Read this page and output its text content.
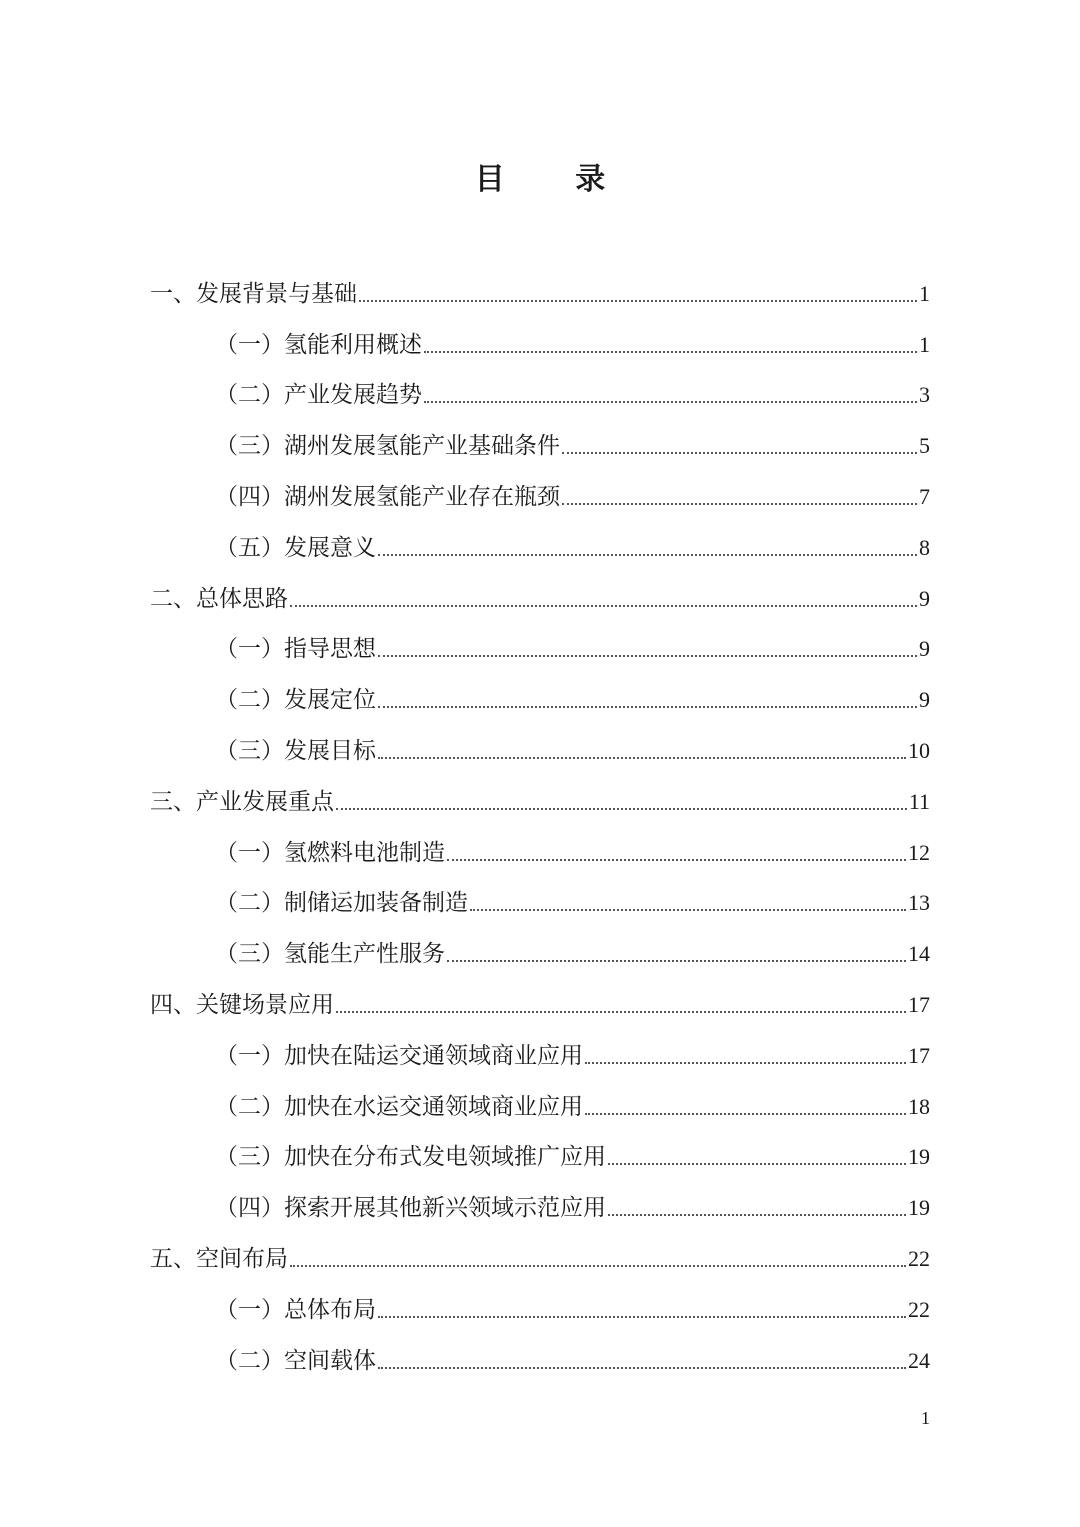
目 录
一、发展背景与基础	1
（一）氢能利用概述	1
（二）产业发展趋势	3
（三）湖州发展氢能产业基础条件	5
（四）湖州发展氢能产业存在瓶颈	7
（五）发展意义	8
二、总体思路	9
（一）指导思想	9
（二）发展定位	9
（三）发展目标	10
三、产业发展重点	11
（一）氢燃料电池制造	12
（二）制储运加装备制造	13
（三）氢能生产性服务	14
四、关键场景应用	17
（一）加快在陆运交通领域商业应用	17
（二）加快在水运交通领域商业应用	18
（三）加快在分布式发电领域推广应用	19
（四）探索开展其他新兴领域示范应用	19
五、空间布局	22
（一）总体布局	22
（二）空间载体	24
1
